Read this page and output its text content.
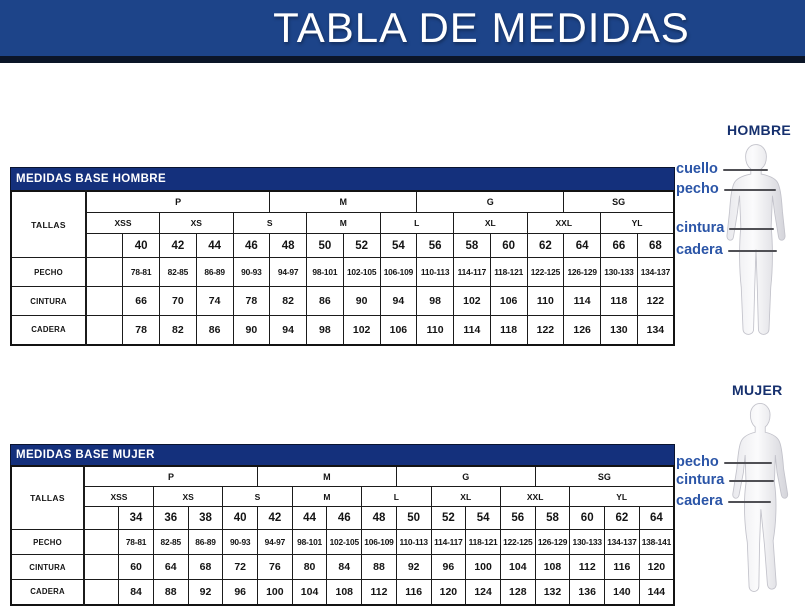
TABLA DE MEDIDAS
MEDIDAS BASE HOMBRE
TALLAS	P					M				G				SG		
	XSS		XS		S		M		L		XL		XXL		YL	
		40	42	44	46	48	50	52	54	56	58	60	62	64	66	68
PECHO		78-81	82-85	86-89	90-93	94-97	98-101	102-105	106-109	110-113	114-117	118-121	122-125	126-129	130-133	134-137
CINTURA		66	70	74	78	82	86	90	94	98	102	106	110	114	118	122
CADERA		78	82	86	90	94	98	102	106	110	114	118	122	126	130	134
MEDIDAS BASE MUJER
TALLAS	P					M				G				SG			
	XSS		XS		S		M		L		XL		XXL		YL		
		34	36	38	40	42	44	46	48	50	52	54	56	58	60	62	64
PECHO		78-81	82-85	86-89	90-93	94-97	98-101	102-105	106-109	110-113	114-117	118-121	122-125	126-129	130-133	134-137	138-141
CINTURA		60	64	68	72	76	80	84	88	92	96	100	104	108	112	116	120
CADERA		84	88	92	96	100	104	108	112	116	120	124	128	132	136	140	144
HOMBRE
cuello
pecho
cintura
cadera
MUJER
pecho
cintura
cadera
